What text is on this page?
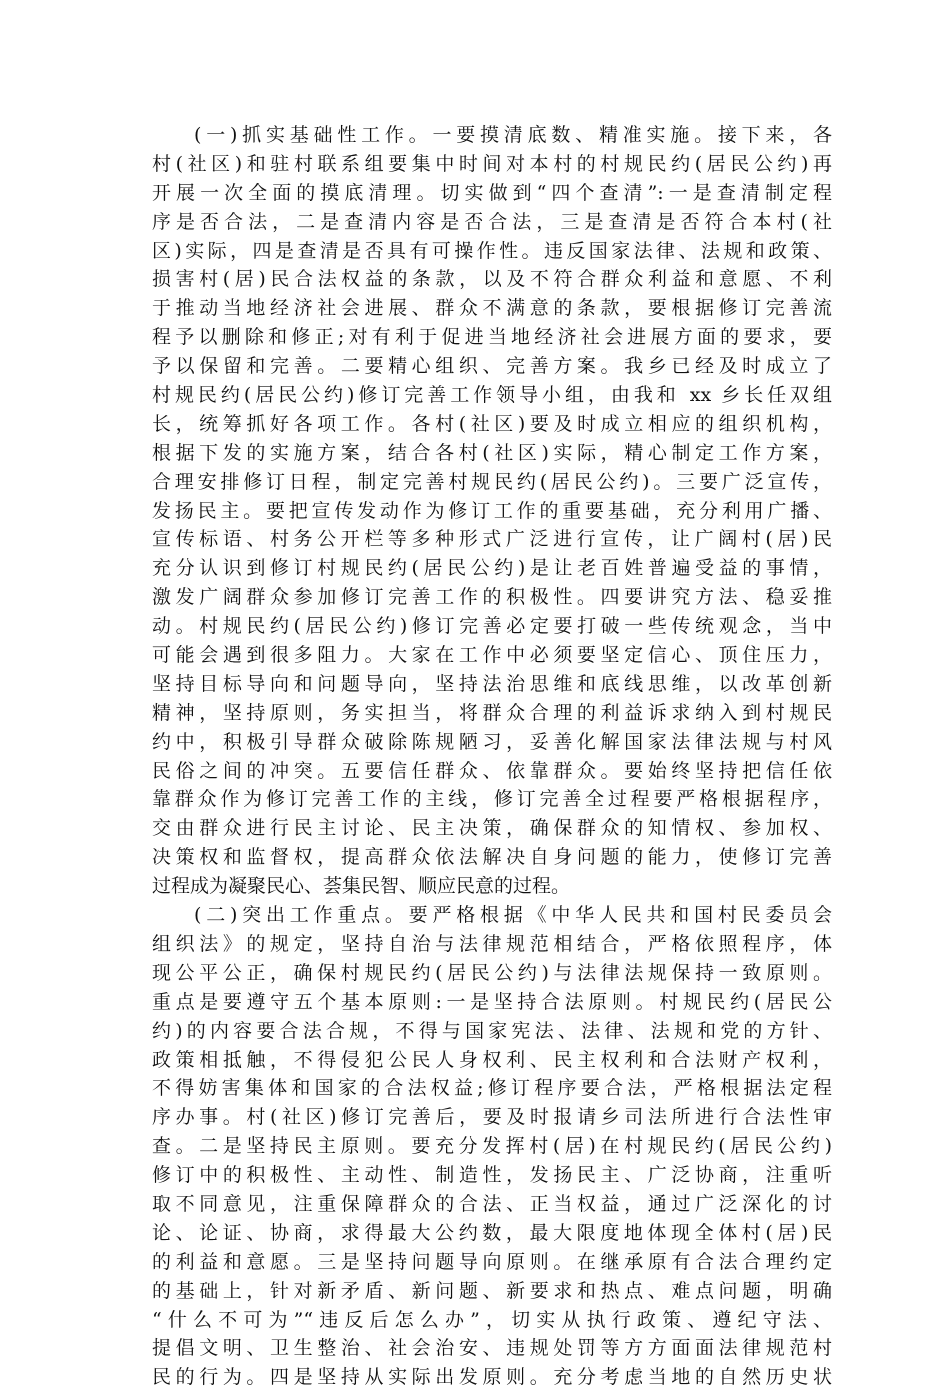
(一)抓实基础性工作。一要摸清底数、精准实施。接下来，各
村(社区)和驻村联系组要集中时间对本村的村规民约(居民公约)再
开展一次全面的摸底清理。切实做到“四个查清”:一是查清制定程
序是否合法，二是查清内容是否合法，三是查清是否符合本村(社
区)实际，四是查清是否具有可操作性。违反国家法律、法规和政策、
损害村(居)民合法权益的条款，以及不符合群众利益和意愿、不利
于推动当地经济社会进展、群众不满意的条款，要根据修订完善流
程予以删除和修正;对有利于促进当地经济社会进展方面的要求，要
予以保留和完善。二要精心组织、完善方案。我乡已经及时成立了
村规民约(居民公约)修订完善工作领导小组，由我和 xx 乡长任双组
长，统筹抓好各项工作。各村(社区)要及时成立相应的组织机构，
根据下发的实施方案，结合各村(社区)实际，精心制定工作方案，
合理安排修订日程，制定完善村规民约(居民公约)。三要广泛宣传，
发扬民主。要把宣传发动作为修订工作的重要基础，充分利用广播、
宣传标语、村务公开栏等多种形式广泛进行宣传，让广阔村(居)民
充分认识到修订村规民约(居民公约)是让老百姓普遍受益的事情，
激发广阔群众参加修订完善工作的积极性。四要讲究方法、稳妥推
动。村规民约(居民公约)修订完善必定要打破一些传统观念，当中
可能会遇到很多阻力。大家在工作中必须要坚定信心、顶住压力，
坚持目标导向和问题导向，坚持法治思维和底线思维，以改革创新
精神，坚持原则，务实担当，将群众合理的利益诉求纳入到村规民
约中，积极引导群众破除陈规陋习，妥善化解国家法律法规与村风
民俗之间的冲突。五要信任群众、依靠群众。要始终坚持把信任依
靠群众作为修订完善工作的主线，修订完善全过程要严格根据程序，
交由群众进行民主讨论、民主决策，确保群众的知情权、参加权、
决策权和监督权，提高群众依法解决自身问题的能力，使修订完善
过程成为凝聚民心、荟集民智、顺应民意的过程。
(二)突出工作重点。要严格根据《中华人民共和国村民委员会
组织法》的规定，坚持自治与法律规范相结合，严格依照程序，体
现公平公正，确保村规民约(居民公约)与法律法规保持一致原则。
重点是要遵守五个基本原则:一是坚持合法原则。村规民约(居民公
约)的内容要合法合规，不得与国家宪法、法律、法规和党的方针、
政策相抵触，不得侵犯公民人身权利、民主权利和合法财产权利，
不得妨害集体和国家的合法权益;修订程序要合法，严格根据法定程
序办事。村(社区)修订完善后，要及时报请乡司法所进行合法性审
查。二是坚持民主原则。要充分发挥村(居)在村规民约(居民公约)
修订中的积极性、主动性、制造性，发扬民主、广泛协商，注重听
取不同意见，注重保障群众的合法、正当权益，通过广泛深化的讨
论、论证、协商，求得最大公约数，最大限度地体现全体村(居)民
的利益和意愿。三是坚持问题导向原则。在继承原有合法合理约定
的基础上，针对新矛盾、新问题、新要求和热点、难点问题，明确
“什么不可为”“违反后怎么办”，切实从执行政策、遵纪守法、
提倡文明、卫生整治、社会治安、违规处罚等方方面面法律规范村
民的行为。四是坚持从实际出发原则。充分考虑当地的自然历史状
